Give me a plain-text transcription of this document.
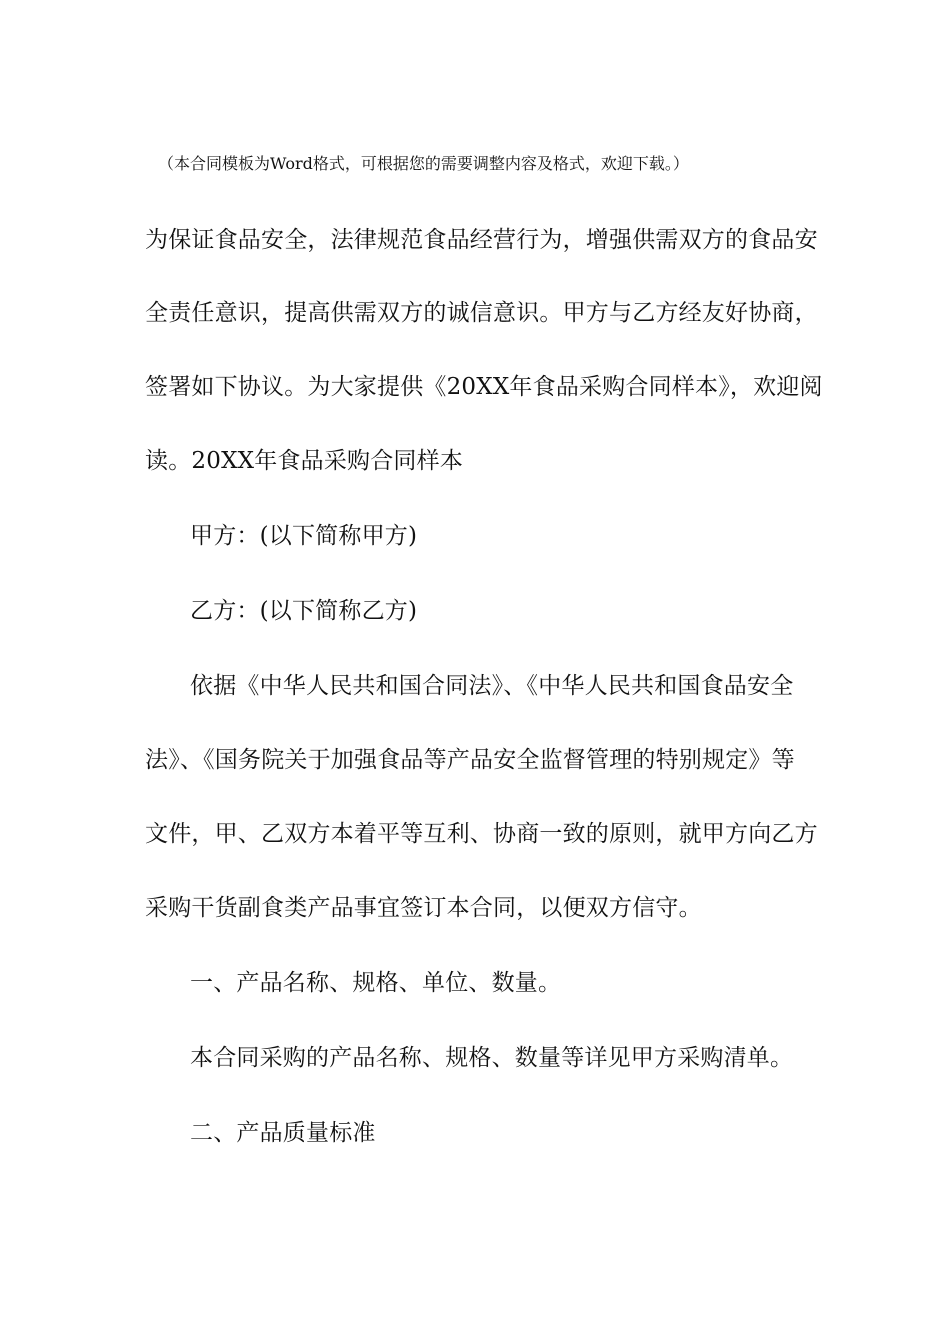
（本合同模板为Word格式，可根据您的需要调整内容及格式，欢迎下载。）
为保证食品安全，法律规范食品经营行为，增强供需双方的食品安
全责任意识，提高供需双方的诚信意识。甲方与乙方经友好协商，
签署如下协议。为大家提供《20XX年食品采购合同样本》，欢迎阅
读。20XX年食品采购合同样本
甲方：(以下简称甲方)
乙方：(以下简称乙方)
依据《中华人民共和国合同法》、《中华人民共和国食品安全
法》、《国务院关于加强食品等产品安全监督管理的特别规定》等
文件，甲、乙双方本着平等互利、协商一致的原则，就甲方向乙方
采购干货副食类产品事宜签订本合同，以便双方信守。
一、产品名称、规格、单位、数量。
本合同采购的产品名称、规格、数量等详见甲方采购清单。
二、产品质量标准
